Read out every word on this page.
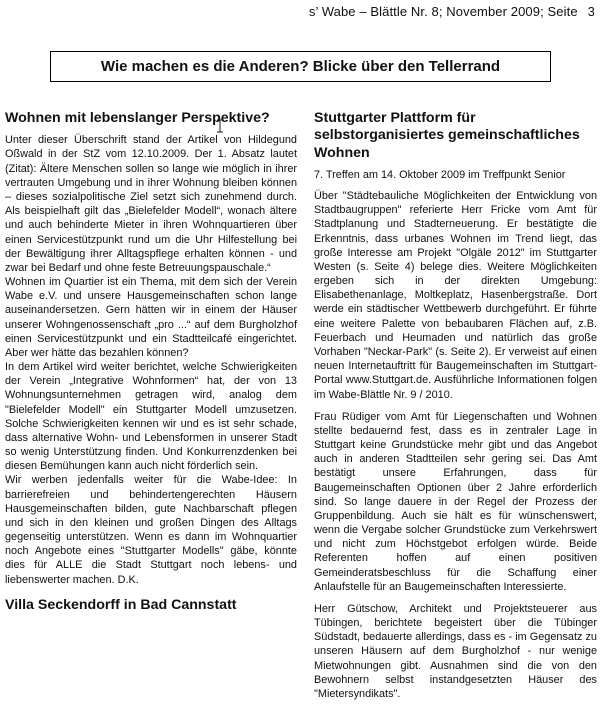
s’ Wabe – Blättle Nr. 8; November 2009; Seite 3
Wie machen es die Anderen? Blicke über den Tellerrand
Wohnen mit lebenslanger Perspektive?

Unter dieser Überschrift stand der Artikel von Hildegund Oßwald in der StZ vom 12.10.2009. Der 1. Absatz lautet (Zitat): Ältere Menschen sollen so lange wie möglich in ihrer vertrauten Umgebung und in ihrer Wohnung bleiben können – dieses sozialpolitische Ziel setzt sich zunehmend durch. Als beispielhaft gilt das „Bielefelder Modell“, wonach ältere und auch behinderte Mieter in ihren Wohnquartieren über einen Servicestützpunkt rund um die Uhr Hilfestellung bei der Bewältigung ihrer Alltagspflege erhalten können - und zwar bei Bedarf und ohne feste Betreuungspauschale.“

Wohnen im Quartier ist ein Thema, mit dem sich der Verein Wabe e.V. und unsere Hausgemeinschaften schon lange auseinandersetzen. Gern hätten wir in einem der Häuser unserer Wohngenossenschaft „pro ...“ auf dem Burgholzhof einen Servicestützpunkt und ein Stadtteilcafé eingerichtet. Aber wer hätte das bezahlen können?

In dem Artikel wird weiter berichtet, welche Schwierigkeiten der Verein „Integrative Wohnformen“ hat, der von 13 Wohnungsunternehmen getragen wird, analog dem "Bielefelder Modell" ein Stuttgarter Modell umzusetzen. Solche Schwierigkeiten kennen wir und es ist sehr schade, dass alternative Wohn- und Lebensformen in unserer Stadt so wenig Unterstützung finden. Und Konkurrenzdenken bei diesen Bemühungen kann auch nicht förderlich sein.

Wir werben jedenfalls weiter für die Wabe-Idee: In barrierefreien und behindertengerechten Häusern Hausgemeinschaften bilden, gute Nachbarschaft pflegen und sich in den kleinen und großen Dingen des Alltags gegenseitig unterstützen. Wenn es dann im Wohnquartier noch Angebote eines "Stuttgarter Modells" gäbe, könnte dies für ALLE die Stadt Stuttgart noch lebens- und liebenswerter machen. D.K.

Villa Seckendorff in Bad Cannstatt
Stuttgarter Plattform für selbstorganisiertes gemeinschaftliches Wohnen

7. Treffen am 14. Oktober 2009 im Treffpunkt Senior

Über "Städtebauliche Möglichkeiten der Entwicklung von Stadtbaugruppen" referierte Herr Fricke vom Amt für Stadtplanung und Stadterneuerung. Er bestätigte die Erkenntnis, dass urbanes Wohnen im Trend liegt, das große Interesse am Projekt "Olgäle 2012" im Stuttgarter Westen (s. Seite 4) belege dies. Weitere Möglichkeiten ergeben sich in der direkten Umgebung: Elisabethenanlage, Moltkeplatz, Hasenbergstraße. Dort werde ein städtischer Wettbewerb durchgeführt. Er führte eine weitere Palette von bebaubaren Flächen auf, z.B. Feuerbach und Heumaden und natürlich das große Vorhaben "Neckar-Park" (s. Seite 2). Er verweist auf einen neuen Internetauftritt für Baugemeinschaften im Stuttgart-Portal www.Stuttgart.de. Ausführliche Informationen folgen im Wabe-Blättle Nr. 9 / 2010.

Frau Rüdiger vom Amt für Liegenschaften und Wohnen stellte bedauernd fest, dass es in zentraler Lage in Stuttgart keine Grundstücke mehr gibt und das Angebot auch in anderen Stadtteilen sehr gering sei. Das Amt bestätigt unsere Erfahrungen, dass für Baugemeinschaften Optionen über 2 Jahre erforderlich sind. So lange dauere in der Regel der Prozess der Gruppenbildung. Auch sie hält es für wünschenswert, wenn die Vergabe solcher Grundstücke zum Verkehrswert und nicht zum Höchstgebot erfolgen würde. Beide Referenten hoffen auf einen positiven Gemeinderatsbeschluss für die Schaffung einer Anlaufstelle für an Baugemeinschaften Interessierte.

Herr Gütschow, Architekt und Projektsteuerer aus Tübingen, berichtete begeistert über die Tübinger Südstadt, bedauerte allerdings, dass es - im Gegensatz zu unseren Häusern auf dem Burgholzhof - nur wenige Mietwohnungen gibt. Ausnahmen sind die von den Bewohnern selbst instandgesetzten Häuser des "Mietersyndikats".
